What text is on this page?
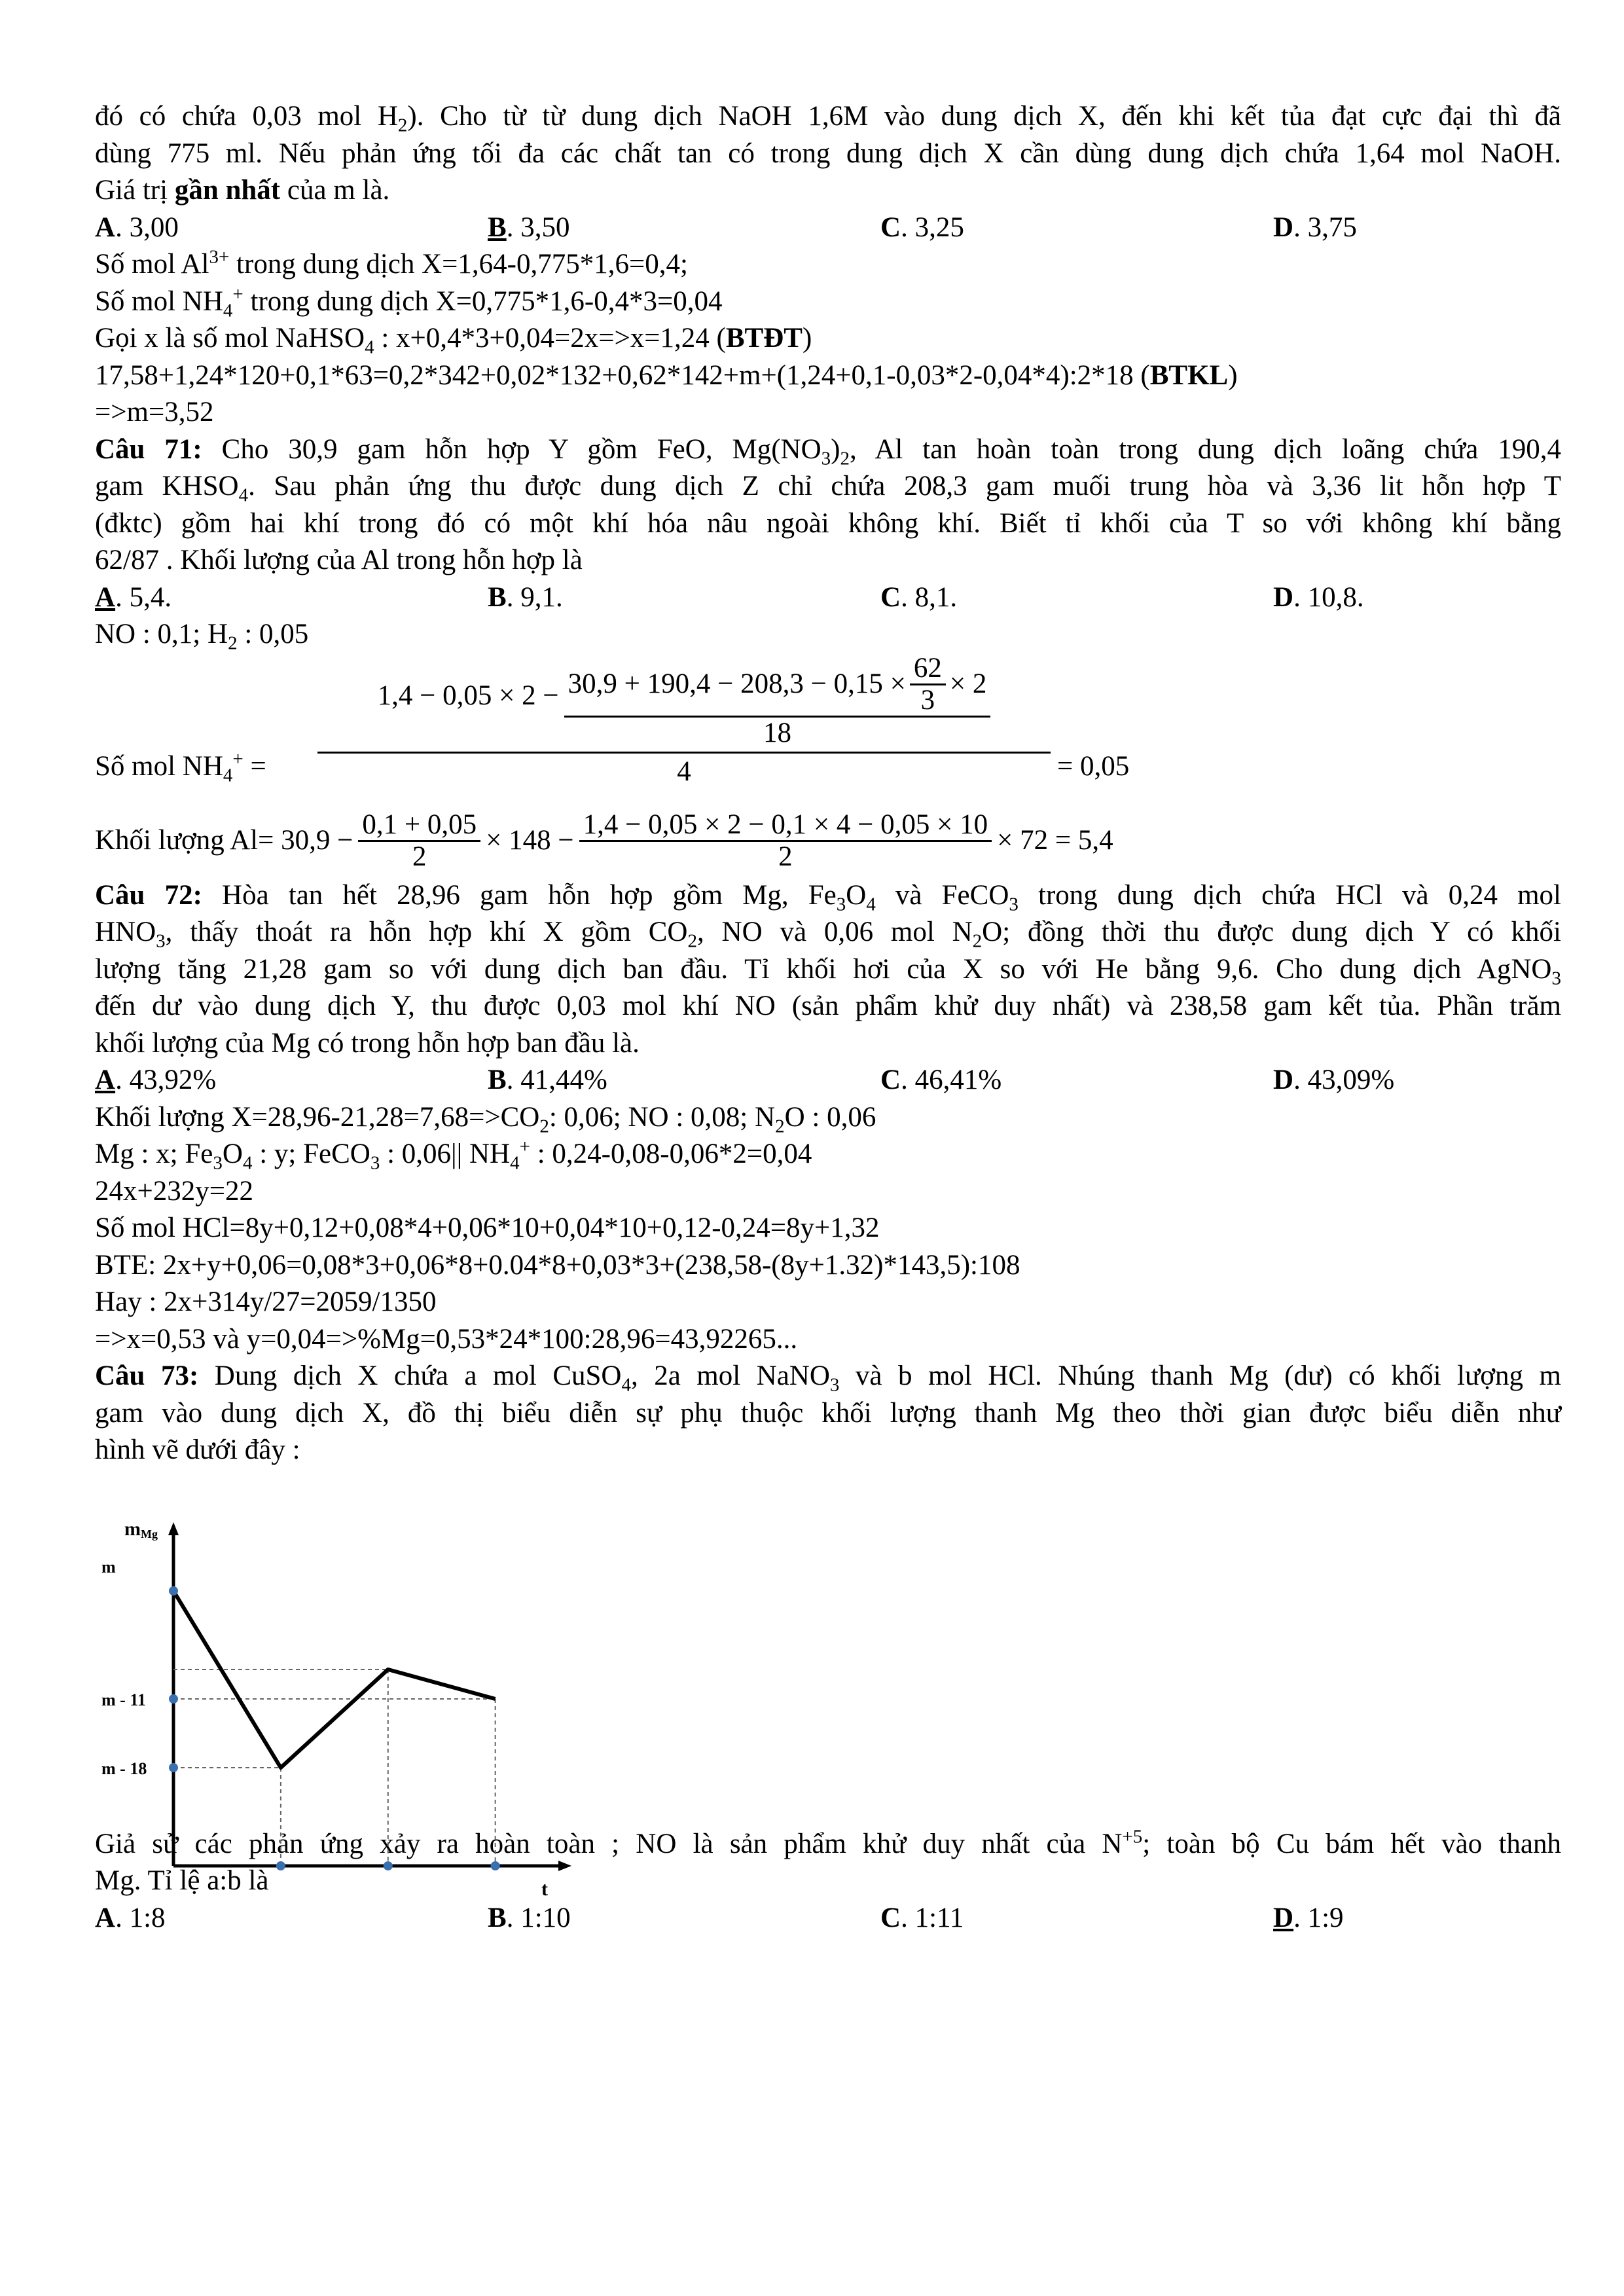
đó có chứa 0,03 mol $H_2$). Cho từ từ dung dịch NaOH 1,6M vào dung dịch X, đến khi kết tủa đạt cực đại thì đã
dùng 775 ml. Nếu phản ứng tối đa các chất tan có trong dung dịch X cần dùng dung dịch chứa 1,64 mol NaOH.
Giá trị gần nhất của m là.
A. 3,00	B. 3,50	C. 3,25	D. 3,75
Số mol $Al^{3+}$ trong dung dịch X=1,64-0,775*1,6=0,4;
Số mol $NH_4^+$ trong dung dịch X=0,775*1,6-0,4*3=0,04
Gọi x là số mol NaHSO$_4$ : x+0,4*3+0,04=2x=>x=1,24 (BTĐT)
17,58+1,24*120+0,1*63=0,2*342+0,02*132+0,62*142+m+(1,24+0,1-0,03*2-0,04*4):2*18 (BTKL)
=>m=3,52
Câu 71: Cho 30,9 gam hỗn hợp Y gồm FeO, $Mg(NO_3)_2$, Al tan hoàn toàn trong dung dịch loãng chứa 190,4
gam $KHSO_4$. Sau phản ứng thu được dung dịch Z chỉ chứa 208,3 gam muối trung hòa và 3,36 lit hỗn hợp T
(đktc) gồm hai khí trong đó có một khí hóa nâu ngoài không khí. Biết tỉ khối của T so với không khí bằng
62/87 . Khối lượng của Al trong hỗn hợp là
A. 5,4.	B. 9,1.	C. 8,1.	D. 10,8.
NO : 0,1; $H_2$ : 0,05
Số mol $NH_4^+$ =
$1,4 - 0,05 \times 2 - 30,9 + 190,4 - 208,3 - 0,15 \times \frac{62}{3} \times 2$
18
4	= 0,05
Khối lượng $Al= 30,9 - \frac{0,1 + 0,05}{2} \times 148 - \frac{1,4 - 0,05 \times 2 - 0,1 \times 4 - 0,05 \times 10}{2} \times 72 = 5,4$
Câu 72: Hòa tan hết 28,96 gam hỗn hợp gồm Mg, $Fe_3O_4$ và FeCO$_3$ trong dung dịch chứa HCl và 0,24 mol
$HNO_3$, thấy thoát ra hỗn hợp khí X gồm $CO_2$, NO và 0,06 mol $N_2O$; đồng thời thu được dung dịch Y có khối
lượng tăng 21,28 gam so với dung dịch ban đầu. Tỉ khối hơi của X so với He bằng 9,6. Cho dung dịch AgNO$_3$
đến dư vào dung dịch Y, thu được 0,03 mol khí NO (sản phẩm khử duy nhất) và 238,58 gam kết tủa. Phần trăm
khối lượng của Mg có trong hỗn hợp ban đầu là.
A. 43,92%	B. 41,44%	C. 46,41%	D. 43,09%
Khối lượng $X=28,96-21,28=7,68=>CO_2$: 0,06; NO : 0,08; $N_2O$ : 0,06
Mg : x; $Fe_3O_4$ : y; FeCO$_3$ : 0,06|| $NH_4^+$ : 0,24-0,08-0,06*2=0,04
24x+232y=22
Số mol HCl=8y+0,12+0,08*4+0,06*10+0,04*10+0,12-0,24=8y+1,32
BTE: 2x+y+0,06=0,08*3+0,06*8+0.04*8+0,03*3+(238,58-(8y+1.32)*143,5):108
Hay : 2x+314y/27=2059/1350
=>x=0,53 và y=0,04=>%Mg=0,53*24*100:28,96=43,92265...
Câu 73: Dung dịch X chứa a mol CuSO$_4$, 2a mol NaNO$_3$ và b mol HCl. Nhúng thanh Mg (dư) có khối lượng m
gam vào dung dịch X, đồ thị biểu diễn sự phụ thuộc khối lượng thanh Mg theo thời gian được biểu diễn như
hình vẽ dưới đây :
Giả sử các phản ứng xảy ra hoàn toàn ; NO là sản phẩm khử duy nhất của $N^{+5}$; toàn bộ Cu bám hết vào thanh
Mg. Tỉ lệ a:b là
A. 1:8	B. 1:10	C. 1:11	D. 1:9
mMg
t
m
m - 11
m - 18
